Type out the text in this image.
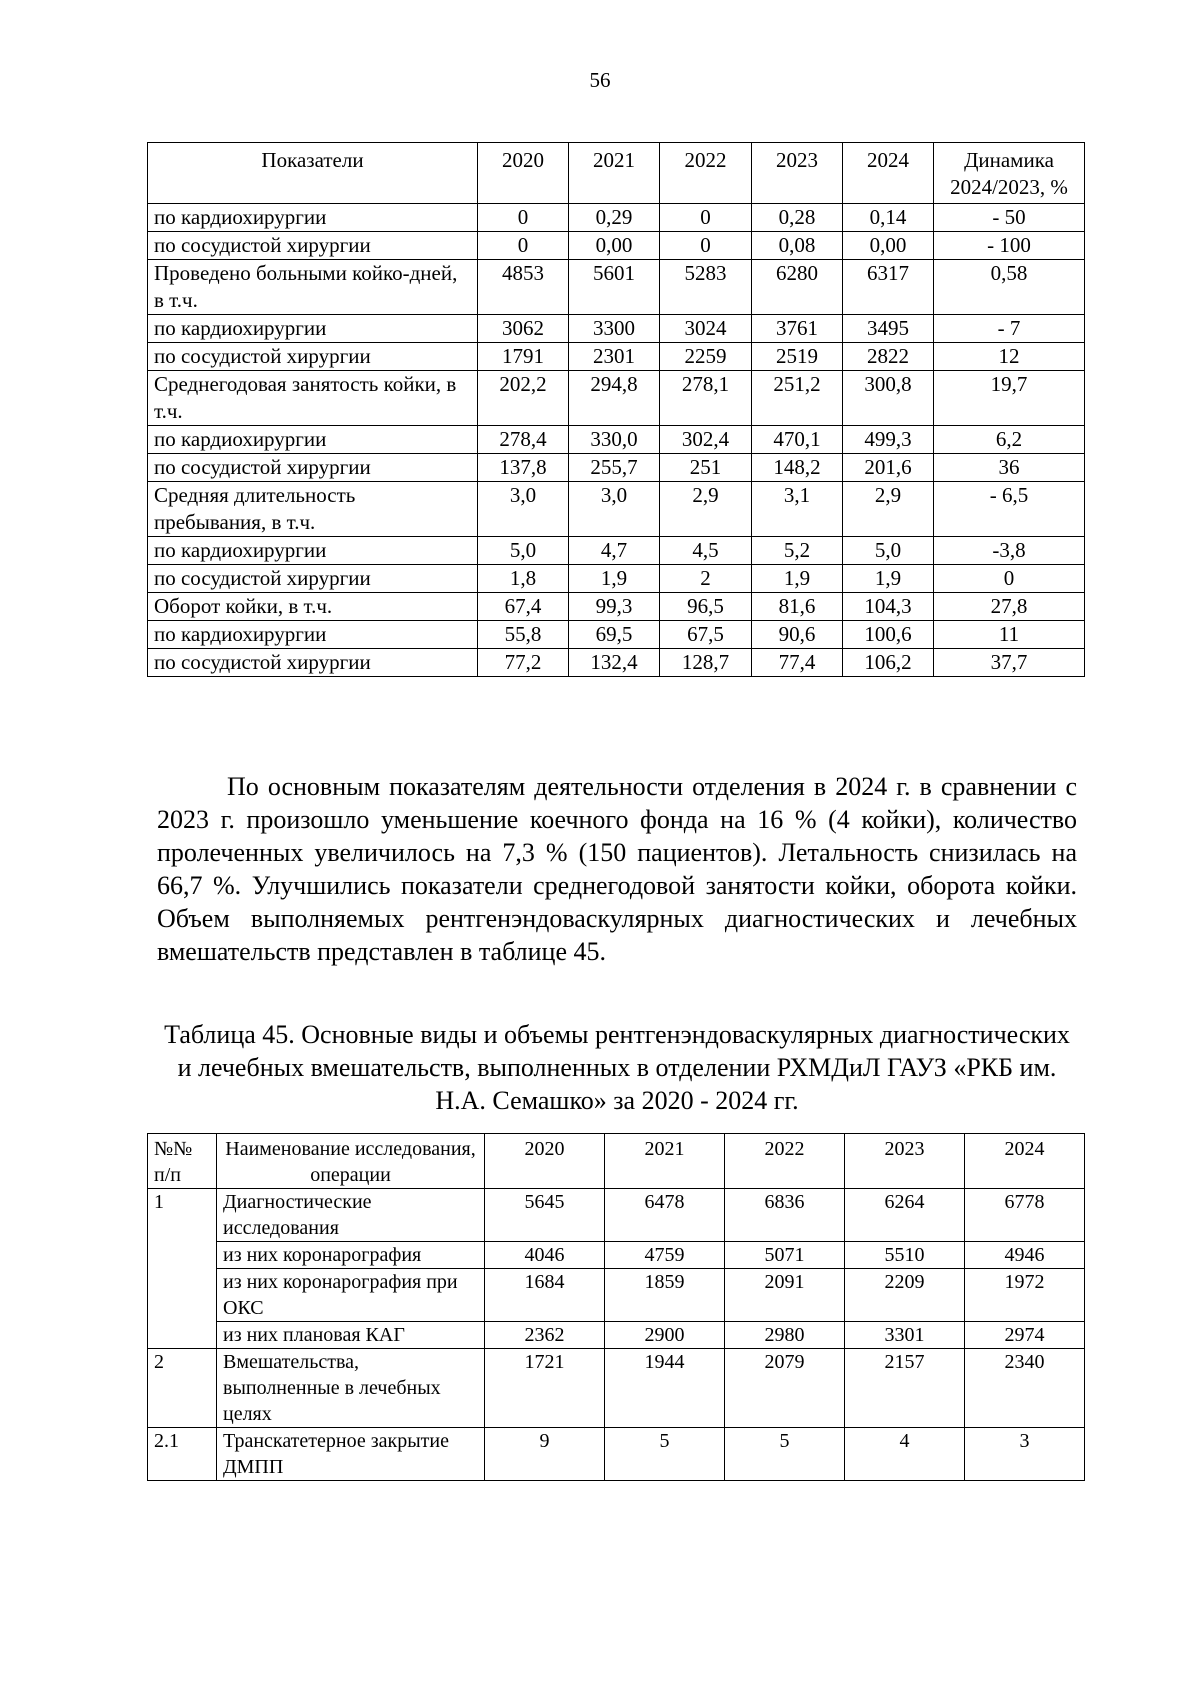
56
Показатели	2020	2021	2022	2023	2024	Динамика 2024/2023, %
по кардиохирургии	0	0,29	0	0,28	0,14	- 50
по сосудистой хирургии	0	0,00	0	0,08	0,00	- 100
Проведено больными койко-дней, в т.ч.	4853	5601	5283	6280	6317	0,58
по кардиохирургии	3062	3300	3024	3761	3495	- 7
по сосудистой хирургии	1791	2301	2259	2519	2822	12
Среднегодовая занятость койки, в т.ч.	202,2	294,8	278,1	251,2	300,8	19,7
по кардиохирургии	278,4	330,0	302,4	470,1	499,3	6,2
по сосудистой хирургии	137,8	255,7	251	148,2	201,6	36
Средняя длительность пребывания, в т.ч.	3,0	3,0	2,9	3,1	2,9	- 6,5
по кардиохирургии	5,0	4,7	4,5	5,2	5,0	-3,8
по сосудистой хирургии	1,8	1,9	2	1,9	1,9	0
Оборот койки, в т.ч.	67,4	99,3	96,5	81,6	104,3	27,8
по кардиохирургии	55,8	69,5	67,5	90,6	100,6	11
по сосудистой хирургии	77,2	132,4	128,7	77,4	106,2	37,7

По основным показателям деятельности отделения в 2024 г. в сравнении с 2023 г. произошло уменьшение коечного фонда на 16 % (4 койки), количество пролеченных увеличилось на 7,3 % (150 пациентов). Летальность снизилась на 66,7 %. Улучшились показатели среднегодовой занятости койки, оборота койки. Объем выполняемых рентгенэндоваскулярных диагностических и лечебных вмешательств представлен в таблице 45.

Таблица 45. Основные виды и объемы рентгенэндоваскулярных диагностических и лечебных вмешательств, выполненных в отделении РХМДиЛ ГАУЗ «РКБ им. Н.А. Семашко» за 2020 - 2024 гг.

№№ п/п	Наименование исследования, операции	2020	2021	2022	2023	2024
1	Диагностические исследования	5645	6478	6836	6264	6778
	из них коронарография	4046	4759	5071	5510	4946
	из них коронарография при ОКС	1684	1859	2091	2209	1972
	из них плановая КАГ	2362	2900	2980	3301	2974
2	Вмешательства, выполненные в лечебных целях	1721	1944	2079	2157	2340
2.1	Транскатетерное закрытие ДМПП	9	5	5	4	3
